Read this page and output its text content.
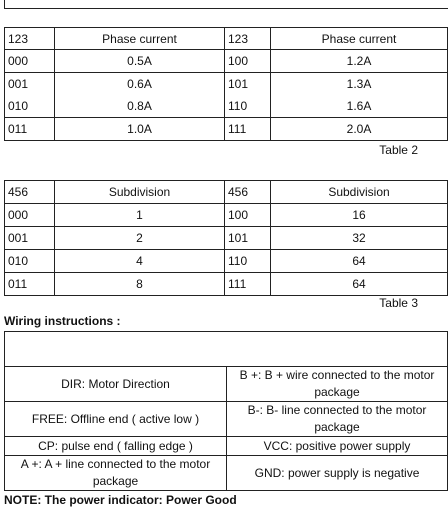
123	Phase current	123	Phase current
000	0.5A	100	1.2A
001	0.6A	101	1.3A
010	0.8A	110	1.6A
011	1.0A	111	2.0A
Table 2
456	Subdivision	456	Subdivision
000	1	100	16
001	2	101	32
010	4	110	64
011	8	111	64
Table 3
Wiring instructions :

DIR: Motor Direction	B +: B + wire connected to the motor package
FREE: Offline end ( active low )	B-: B- line connected to the motor package
CP: pulse end ( falling edge )	VCC: positive power supply
A +: A + line connected to the motor package	GND: power supply is negative
NOTE: The power indicator: Power Good
